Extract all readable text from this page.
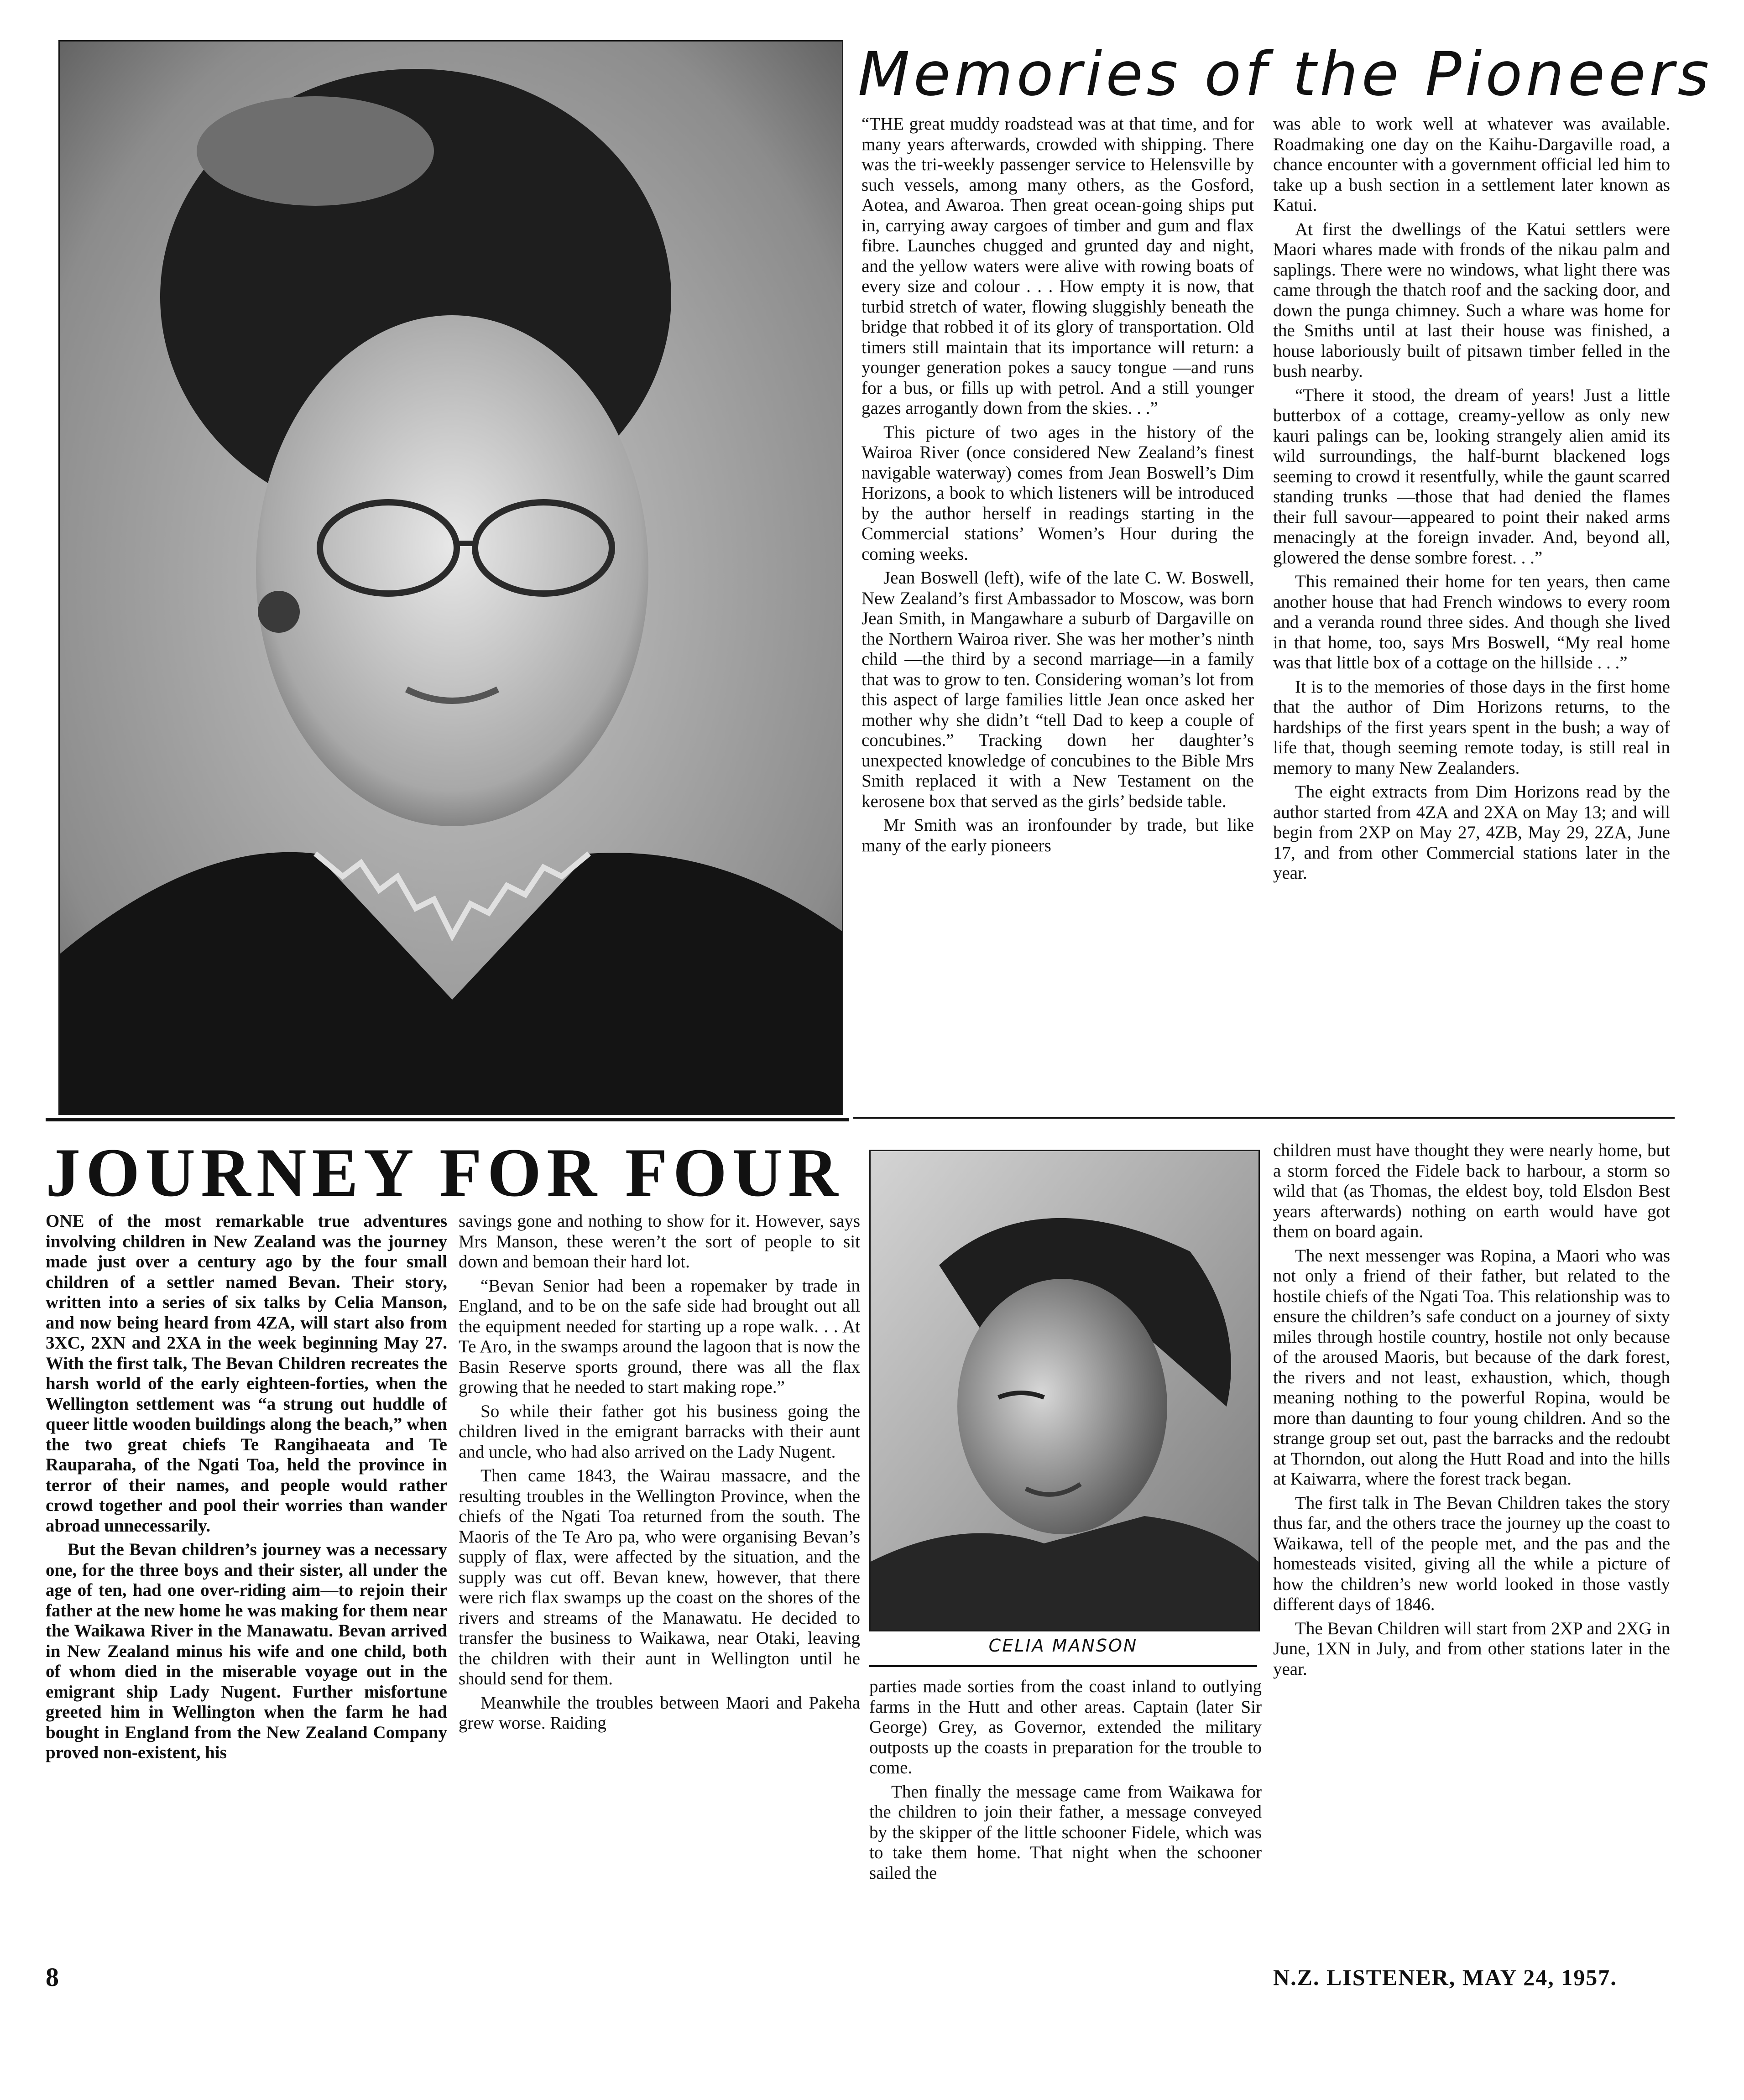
Memories of the Pioneers

“THE great muddy roadstead was at that time, and for many years afterwards, crowded with shipping. There was the tri-weekly passenger service to Helensville by such vessels, among many others, as the Gosford, Aotea, and Awaroa. Then great ocean-going ships put in, carrying away cargoes of timber and gum and flax fibre. Launches chugged and grunted day and night, and the yellow waters were alive with rowing boats of every size and colour . . . How empty it is now, that turbid stretch of water, flowing sluggishly beneath the bridge that robbed it of its glory of transportation. Old timers still maintain that its importance will return: a younger generation pokes a saucy tongue —and runs for a bus, or fills up with petrol. And a still younger gazes arrogantly down from the skies. . .”

This picture of two ages in the history of the Wairoa River (once considered New Zealand’s finest navigable waterway) comes from Jean Boswell’s Dim Horizons, a book to which listeners will be introduced by the author herself in readings starting in the Commercial stations’ Women’s Hour during the coming weeks.

Jean Boswell (left), wife of the late C. W. Boswell, New Zealand’s first Ambassador to Moscow, was born Jean Smith, in Mangawhare a suburb of Dargaville on the Northern Wairoa river. She was her mother’s ninth child —the third by a second marriage—in a family that was to grow to ten. Considering woman’s lot from this aspect of large families little Jean once asked her mother why she didn’t “tell Dad to keep a couple of concubines.” Tracking down her daughter’s unexpected knowledge of concubines to the Bible Mrs Smith replaced it with a New Testament on the kerosene box that served as the girls’ bedside table.

Mr Smith was an ironfounder by trade, but like many of the early pioneers

was able to work well at whatever was available. Roadmaking one day on the Kaihu-Dargaville road, a chance encounter with a government official led him to take up a bush section in a settlement later known as Katui.

At first the dwellings of the Katui settlers were Maori whares made with fronds of the nikau palm and saplings. There were no windows, what light there was came through the thatch roof and the sacking door, and down the punga chimney. Such a whare was home for the Smiths until at last their house was finished, a house laboriously built of pitsawn timber felled in the bush nearby.

“There it stood, the dream of years! Just a little butterbox of a cottage, creamy-yellow as only new kauri palings can be, looking strangely alien amid its wild surroundings, the half-burnt blackened logs seeming to crowd it resentfully, while the gaunt scarred standing trunks —those that had denied the flames their full savour—appeared to point their naked arms menacingly at the foreign invader. And, beyond all, glowered the dense sombre forest. . .”

This remained their home for ten years, then came another house that had French windows to every room and a veranda round three sides. And though she lived in that home, too, says Mrs Boswell, “My real home was that little box of a cottage on the hillside . . .”

It is to the memories of those days in the first home that the author of Dim Horizons returns, to the hardships of the first years spent in the bush; a way of life that, though seeming remote today, is still real in memory to many New Zealanders.

The eight extracts from Dim Horizons read by the author started from 4ZA and 2XA on May 13; and will begin from 2XP on May 27, 4ZB, May 29, 2ZA, June 17, and from other Commercial stations later in the year.

JOURNEY FOR FOUR

ONE of the most remarkable true adventures involving children in New Zealand was the journey made just over a century ago by the four small children of a settler named Bevan. Their story, written into a series of six talks by Celia Manson, and now being heard from 4ZA, will start also from 3XC, 2XN and 2XA in the week beginning May 27. With the first talk, The Bevan Children recreates the harsh world of the early eighteen-forties, when the Wellington settlement was “a strung out huddle of queer little wooden buildings along the beach,” when the two great chiefs Te Rangihaeata and Te Rauparaha, of the Ngati Toa, held the province in terror of their names, and people would rather crowd together and pool their worries than wander abroad unnecessarily.

But the Bevan children’s journey was a necessary one, for the three boys and their sister, all under the age of ten, had one over-riding aim—to rejoin their father at the new home he was making for them near the Waikawa River in the Manawatu. Bevan arrived in New Zealand minus his wife and one child, both of whom died in the miserable voyage out in the emigrant ship Lady Nugent. Further misfortune greeted him in Wellington when the farm he had bought in England from the New Zealand Company proved non-existent, his

savings gone and nothing to show for it. However, says Mrs Manson, these weren’t the sort of people to sit down and bemoan their hard lot.

“Bevan Senior had been a ropemaker by trade in England, and to be on the safe side had brought out all the equipment needed for starting up a rope walk. . . At Te Aro, in the swamps around the lagoon that is now the Basin Reserve sports ground, there was all the flax growing that he needed to start making rope.”

So while their father got his business going the children lived in the emigrant barracks with their aunt and uncle, who had also arrived on the Lady Nugent.

Then came 1843, the Wairau massacre, and the resulting troubles in the Wellington Province, when the chiefs of the Ngati Toa returned from the south. The Maoris of the Te Aro pa, who were organising Bevan’s supply of flax, were affected by the situation, and the supply was cut off. Bevan knew, however, that there were rich flax swamps up the coast on the shores of the rivers and streams of the Manawatu. He decided to transfer the business to Waikawa, near Otaki, leaving the children with their aunt in Wellington until he should send for them.

Meanwhile the troubles between Maori and Pakeha grew worse. Raiding

CELIA MANSON

parties made sorties from the coast inland to outlying farms in the Hutt and other areas. Captain (later Sir George) Grey, as Governor, extended the military outposts up the coasts in preparation for the trouble to come.

Then finally the message came from Waikawa for the children to join their father, a message conveyed by the skipper of the little schooner Fidele, which was to take them home. That night when the schooner sailed the

children must have thought they were nearly home, but a storm forced the Fidele back to harbour, a storm so wild that (as Thomas, the eldest boy, told Elsdon Best years afterwards) nothing on earth would have got them on board again.

The next messenger was Ropina, a Maori who was not only a friend of their father, but related to the hostile chiefs of the Ngati Toa. This relationship was to ensure the children’s safe conduct on a journey of sixty miles through hostile country, hostile not only because of the aroused Maoris, but because of the dark forest, the rivers and not least, exhaustion, which, though meaning nothing to the powerful Ropina, would be more than daunting to four young children. And so the strange group set out, past the barracks and the redoubt at Thorndon, out along the Hutt Road and into the hills at Kaiwarra, where the forest track began.

The first talk in The Bevan Children takes the story thus far, and the others trace the journey up the coast to Waikawa, tell of the people met, and the pas and the homesteads visited, giving all the while a picture of how the children’s new world looked in those vastly different days of 1846.

The Bevan Children will start from 2XP and 2XG in June, 1XN in July, and from other stations later in the year.

8	N.Z. LISTENER, MAY 24, 1957.
